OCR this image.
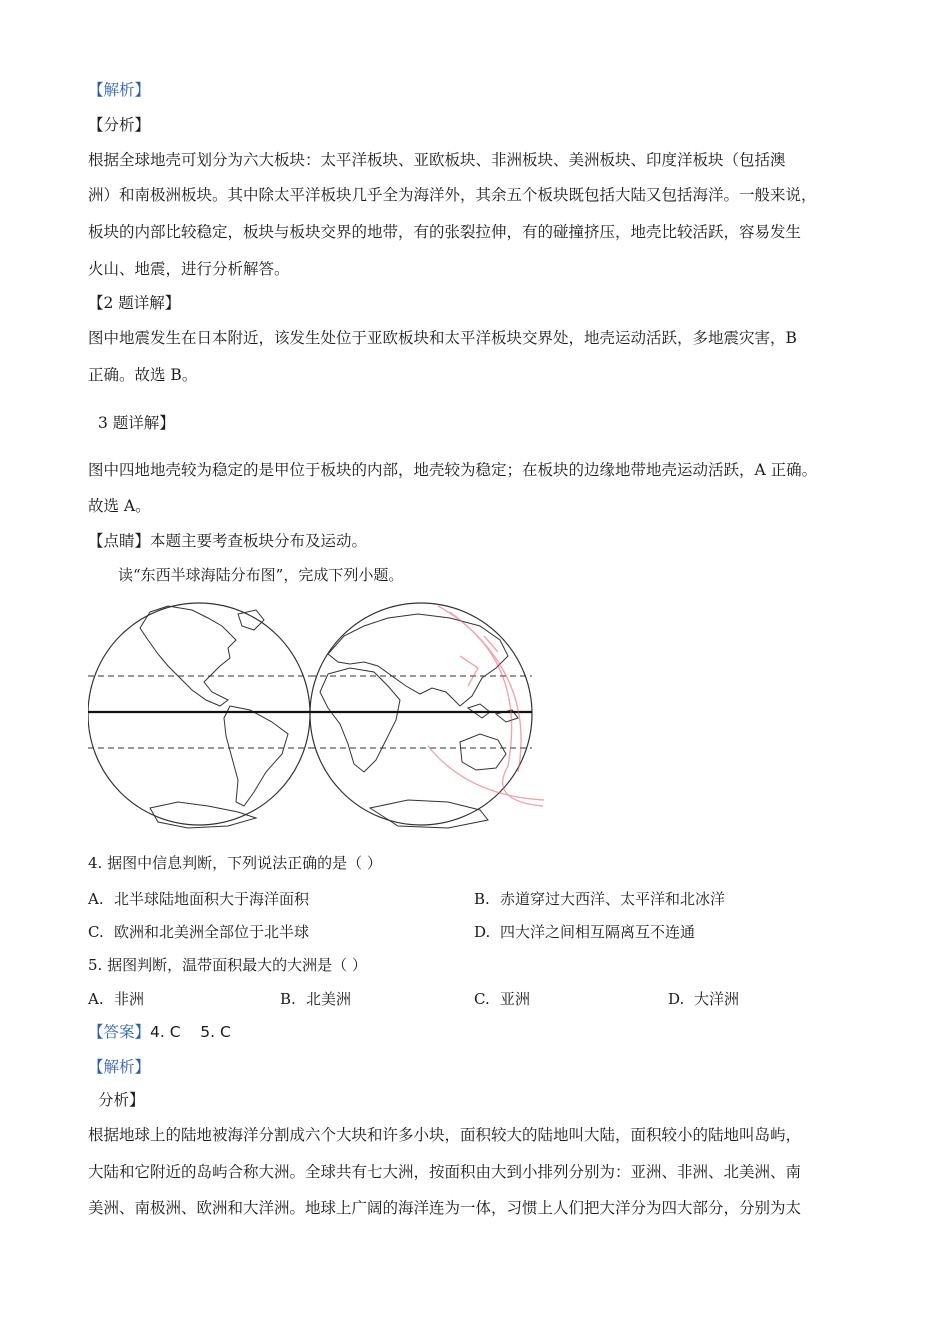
【解析】
【分析】
根据全球地壳可划分为六大板块：太平洋板块、亚欧板块、非洲板块、美洲板块、印度洋板块（包括澳
洲）和南极洲板块。其中除太平洋板块几乎全为海洋外，其余五个板块既包括大陆又包括海洋。一般来说，
板块的内部比较稳定，板块与板块交界的地带，有的张裂拉伸，有的碰撞挤压，地壳比较活跃，容易发生
火山、地震，进行分析解答。
【2 题详解】
图中地震发生在日本附近，该发生处位于亚欧板块和太平洋板块交界处，地壳运动活跃，多地震灾害，B
正确。故选 B。
3 题详解】
图中四地地壳较为稳定的是甲位于板块的内部，地壳较为稳定；在板块的边缘地带地壳运动活跃，A 正确。
故选 A。
【点睛】本题主要考查板块分布及运动。
读“东西半球海陆分布图”，完成下列小题。
4. 据图中信息判断，下列说法正确的是（ ）
A. 北半球陆地面积大于海洋面积	B. 赤道穿过大西洋、太平洋和北冰洋
C. 欧洲和北美洲全部位于北半球	D. 四大洋之间相互隔离互不连通
5. 据图判断，温带面积最大的大洲是（ ）
A. 非洲	B. 北美洲	C. 亚洲	D. 大洋洲
【答案】4. C    5. C
【解析】
分析】
根据地球上的陆地被海洋分割成六个大块和许多小块，面积较大的陆地叫大陆，面积较小的陆地叫岛屿，
大陆和它附近的岛屿合称大洲。全球共有七大洲，按面积由大到小排列分别为：亚洲、非洲、北美洲、南
美洲、南极洲、欧洲和大洋洲。地球上广阔的海洋连为一体，习惯上人们把大洋分为四大部分，分别为太
